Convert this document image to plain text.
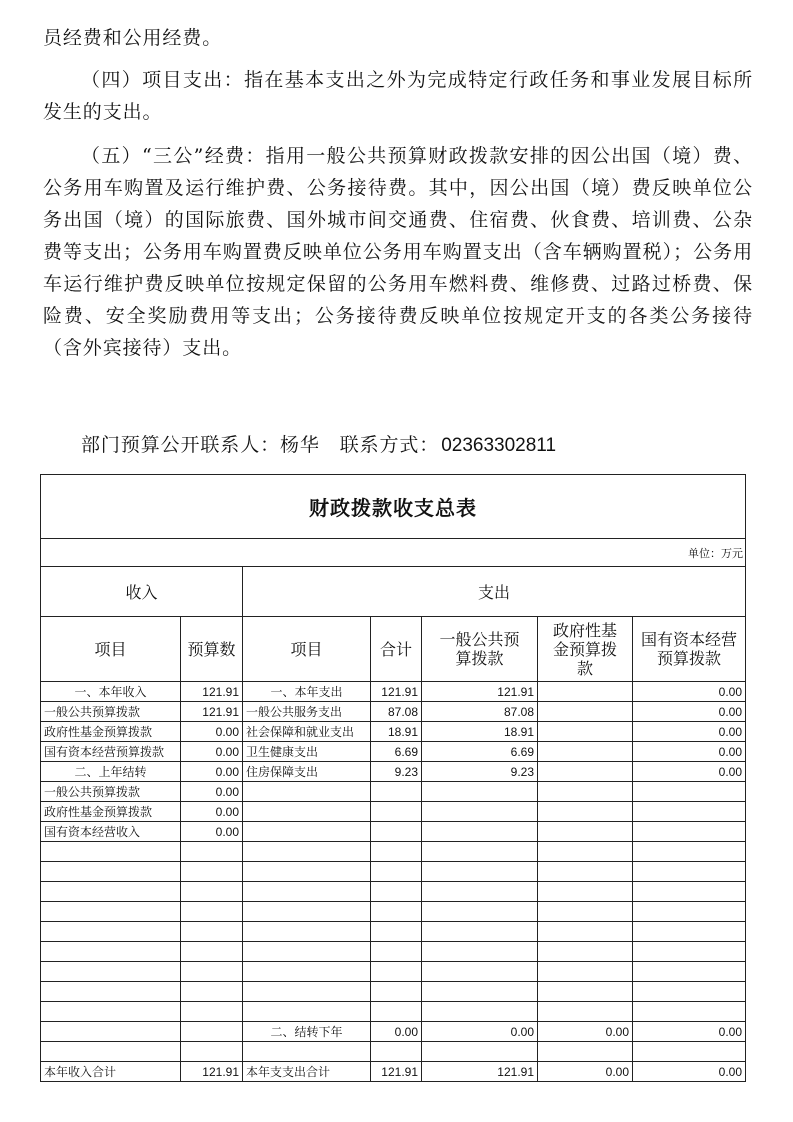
员经费和公用经费。

（四）项目支出：指在基本支出之外为完成特定行政任务和事业发展目标所发生的支出。

（五）“三公”经费：指用一般公共预算财政拨款安排的因公出国（境）费、公务用车购置及运行维护费、公务接待费。其中，因公出国（境）费反映单位公务出国（境）的国际旅费、国外城市间交通费、住宿费、伙食费、培训费、公杂费等支出；公务用车购置费反映单位公务用车购置支出（含车辆购置税）；公务用车运行维护费反映单位按规定保留的公务用车燃料费、维修费、过路过桥费、保险费、安全奖励费用等支出；公务接待费反映单位按规定开支的各类公务接待（含外宾接待）支出。

部门预算公开联系人：杨华　联系方式： 02363302811
财政拨款收支总表						
单位：万元						
收入		支出				
项目	预算数	项目	合计	一般公共预算拨款	政府性基金预算拨款	国有资本经营预算拨款
一、本年收入	121.91	一、本年支出	121.91	121.91		0.00
一般公共预算拨款	121.91	一般公共服务支出	87.08	87.08		0.00
政府性基金预算拨款	0.00	社会保障和就业支出	18.91	18.91		0.00
国有资本经营预算拨款	0.00	卫生健康支出	6.69	6.69		0.00
二、上年结转	0.00	住房保障支出	9.23	9.23		0.00
一般公共预算拨款	0.00					
政府性基金预算拨款	0.00					
国有资本经营收入	0.00					

		二、结转下年	0.00	0.00	0.00	0.00

本年收入合计	121.91	本年支支出合计	121.91	121.91	0.00	0.00
